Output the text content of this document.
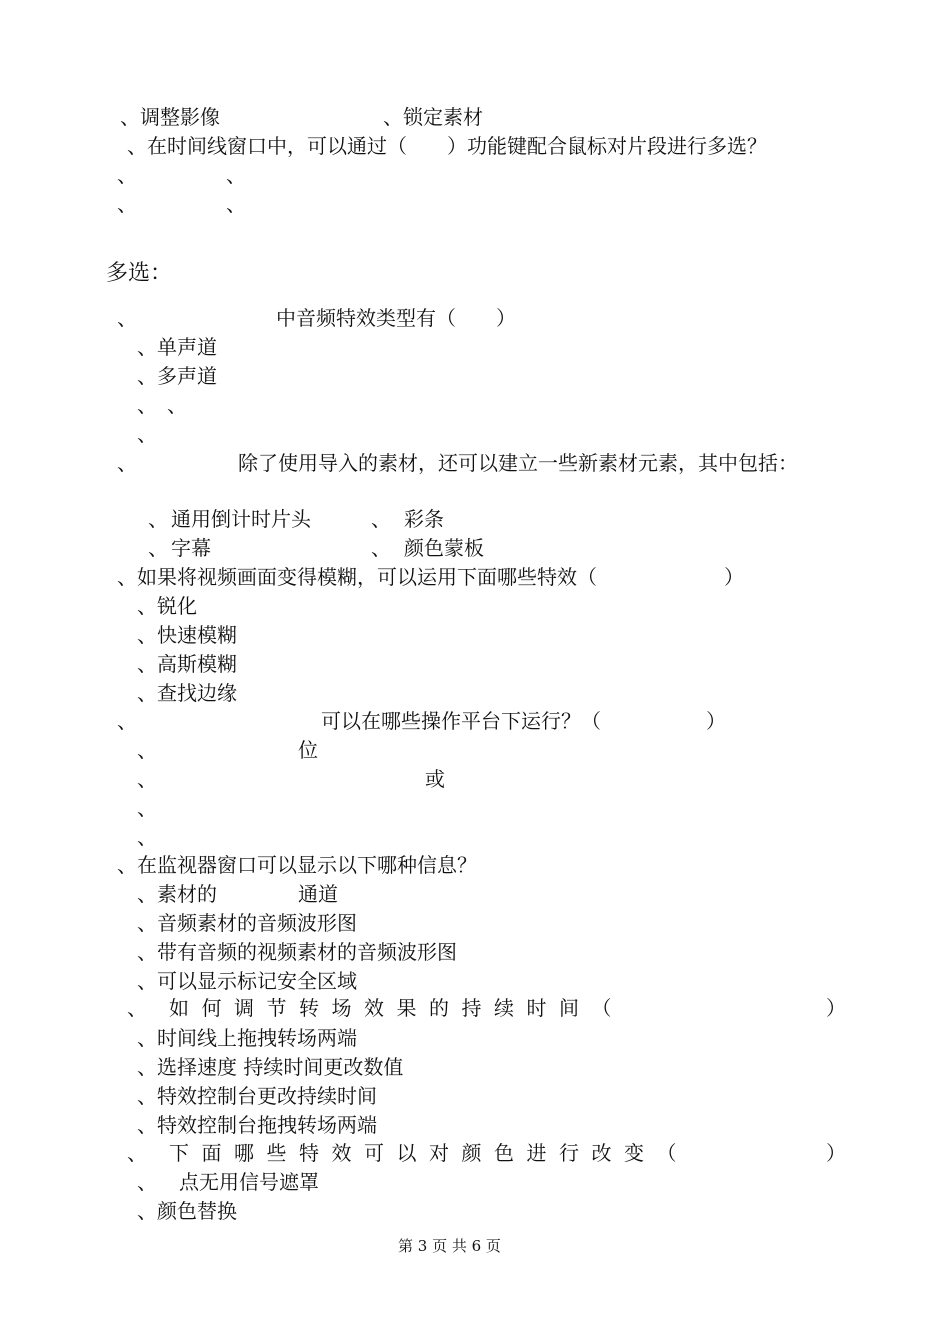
、调整影像	、锁定素材
、在时间线窗口中，可以通过（　　）功能键配合鼠标对片段进行多选？
、	、
、	、
多选：
、	中音频特效类型有（　　）
、单声道
、多声道
、　、
、
、	除了使用导入的素材，还可以建立一些新素材元素，其中包括：
、 通用倒计时片头	、 彩条
、 字幕	、 颜色蒙板
、如果将视频画面变得模糊，可以运用下面哪些特效（	）
、锐化
、快速模糊
、高斯模糊
、查找边缘
、	可以在哪些操作平台下运行？（	）
、	位
、	或
、
、
、在监视器窗口可以显示以下哪种信息？
、素材的	通道
、音频素材的音频波形图
、带有音频的视频素材的音频波形图
、可以显示标记安全区域
、 如何调节转场效果的持续时间（	）
、时间线上拖拽转场两端
、选择速度 持续时间更改数值
、特效控制台更改持续时间
、特效控制台拖拽转场两端
、 下面哪些特效可以对颜色进行改变（	）
、 点无用信号遮罩
、颜色替换
第 3 页 共 6 页
